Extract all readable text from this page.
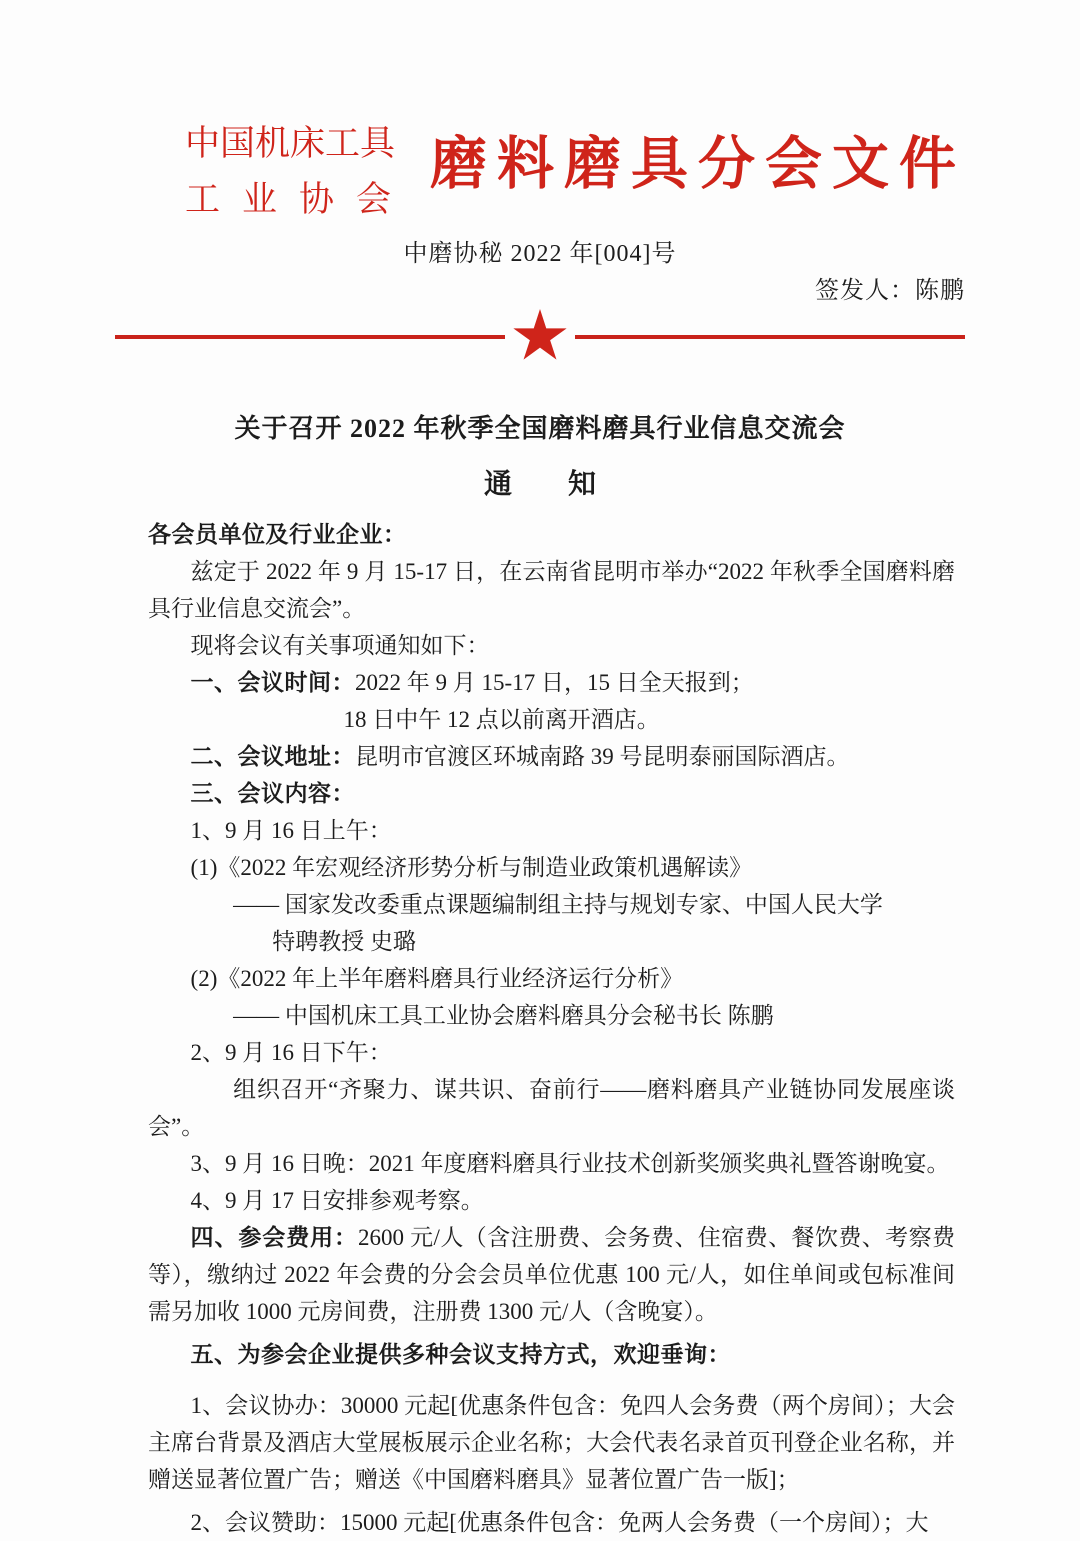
中国机床工具
工业协会
磨料磨具分会文件
中磨协秘 2022 年[004]号
签发人：陈鹏
关于召开 2022 年秋季全国磨料磨具行业信息交流会
通　　知

各会员单位及行业企业：

兹定于 2022 年 9 月 15-17 日，在云南省昆明市举办“2022 年秋季全国磨料磨具行业信息交流会”。

现将会议有关事项通知如下：

一、会议时间：2022 年 9 月 15-17 日，15 日全天报到；

18 日中午 12 点以前离开酒店。

二、会议地址：昆明市官渡区环城南路 39 号昆明泰丽国际酒店。

三、会议内容：

1、9 月 16 日上午：

(1)《2022 年宏观经济形势分析与制造业政策机遇解读》

—— 国家发改委重点课题编制组主持与规划专家、中国人民大学

特聘教授 史璐

(2)《2022 年上半年磨料磨具行业经济运行分析》

—— 中国机床工具工业协会磨料磨具分会秘书长 陈鹏

2、9 月 16 日下午：

组织召开“齐聚力、谋共识、奋前行——磨料磨具产业链协同发展座谈会”。

3、9 月 16 日晚：2021 年度磨料磨具行业技术创新奖颁奖典礼暨答谢晚宴。

4、9 月 17 日安排参观考察。

四、参会费用：2600 元/人（含注册费、会务费、住宿费、餐饮费、考察费等），缴纳过 2022 年会费的分会会员单位优惠 100 元/人，如住单间或包标准间需另加收 1000 元房间费，注册费 1300 元/人（含晚宴）。

五、为参会企业提供多种会议支持方式，欢迎垂询：

1、会议协办：30000 元起[优惠条件包含：免四人会务费（两个房间）；大会主席台背景及酒店大堂展板展示企业名称；大会代表名录首页刊登企业名称，并赠送显著位置广告；赠送《中国磨料磨具》显著位置广告一版]；

2、会议赞助：15000 元起[优惠条件包含：免两人会务费（一个房间）；大
